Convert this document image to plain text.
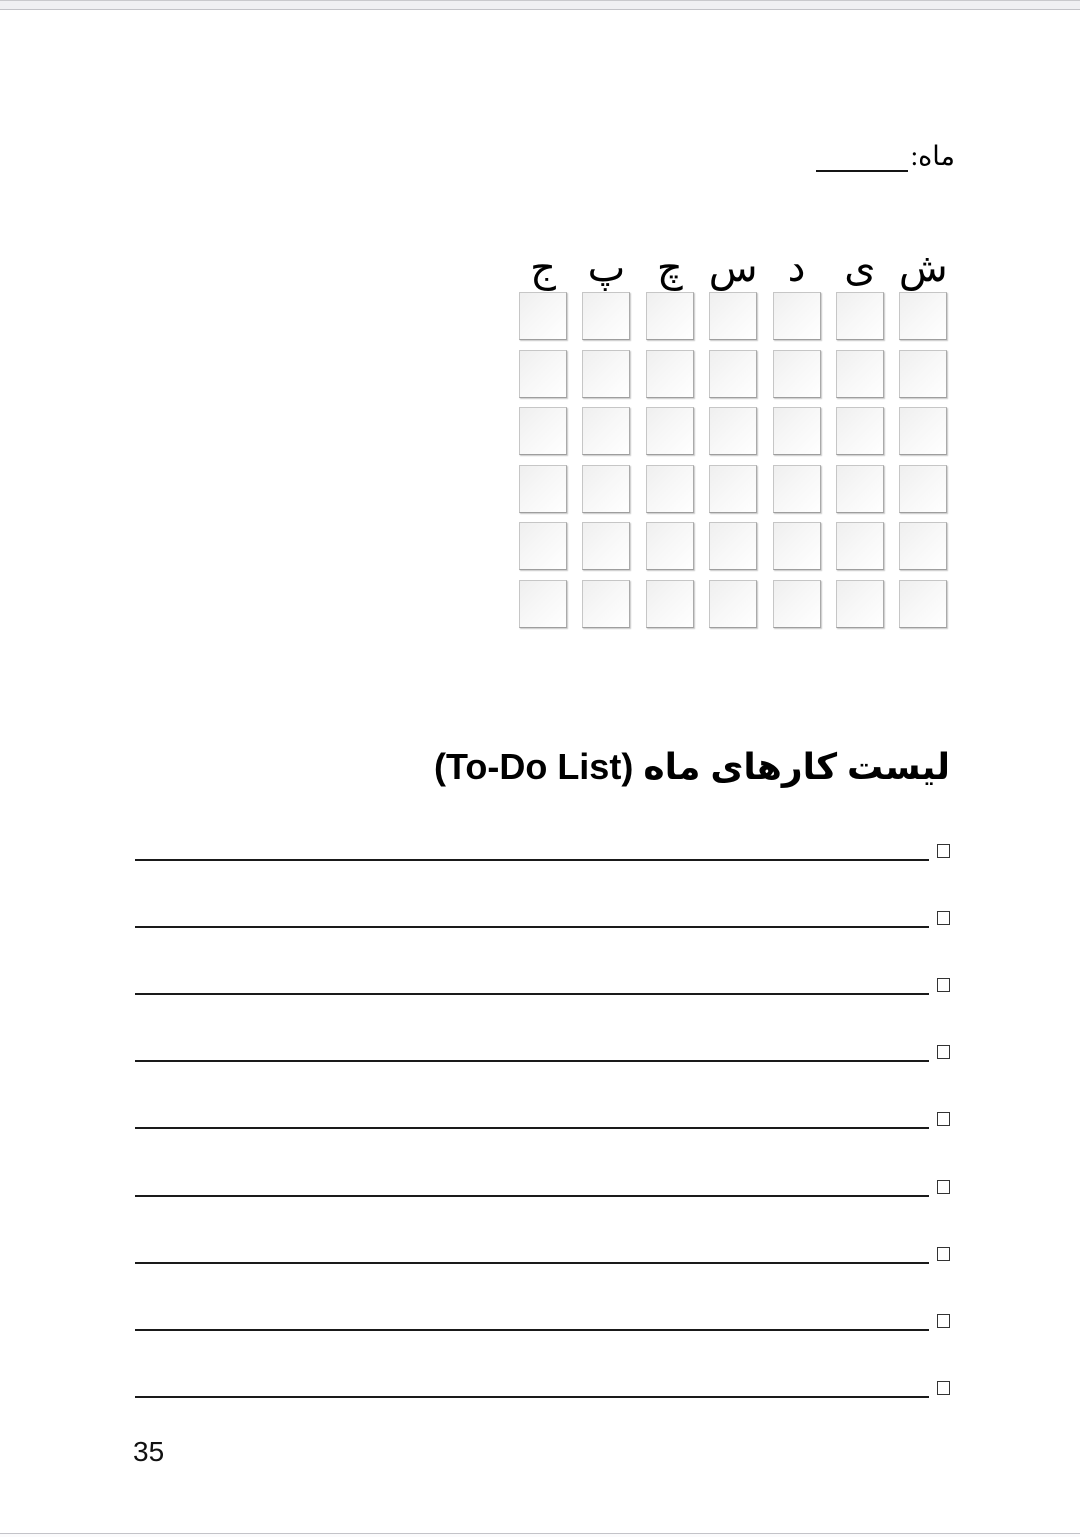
ماه:
ش
ی
د
س
چ
پ
ج
لیست کارهای ماه (To-Do List)
35
